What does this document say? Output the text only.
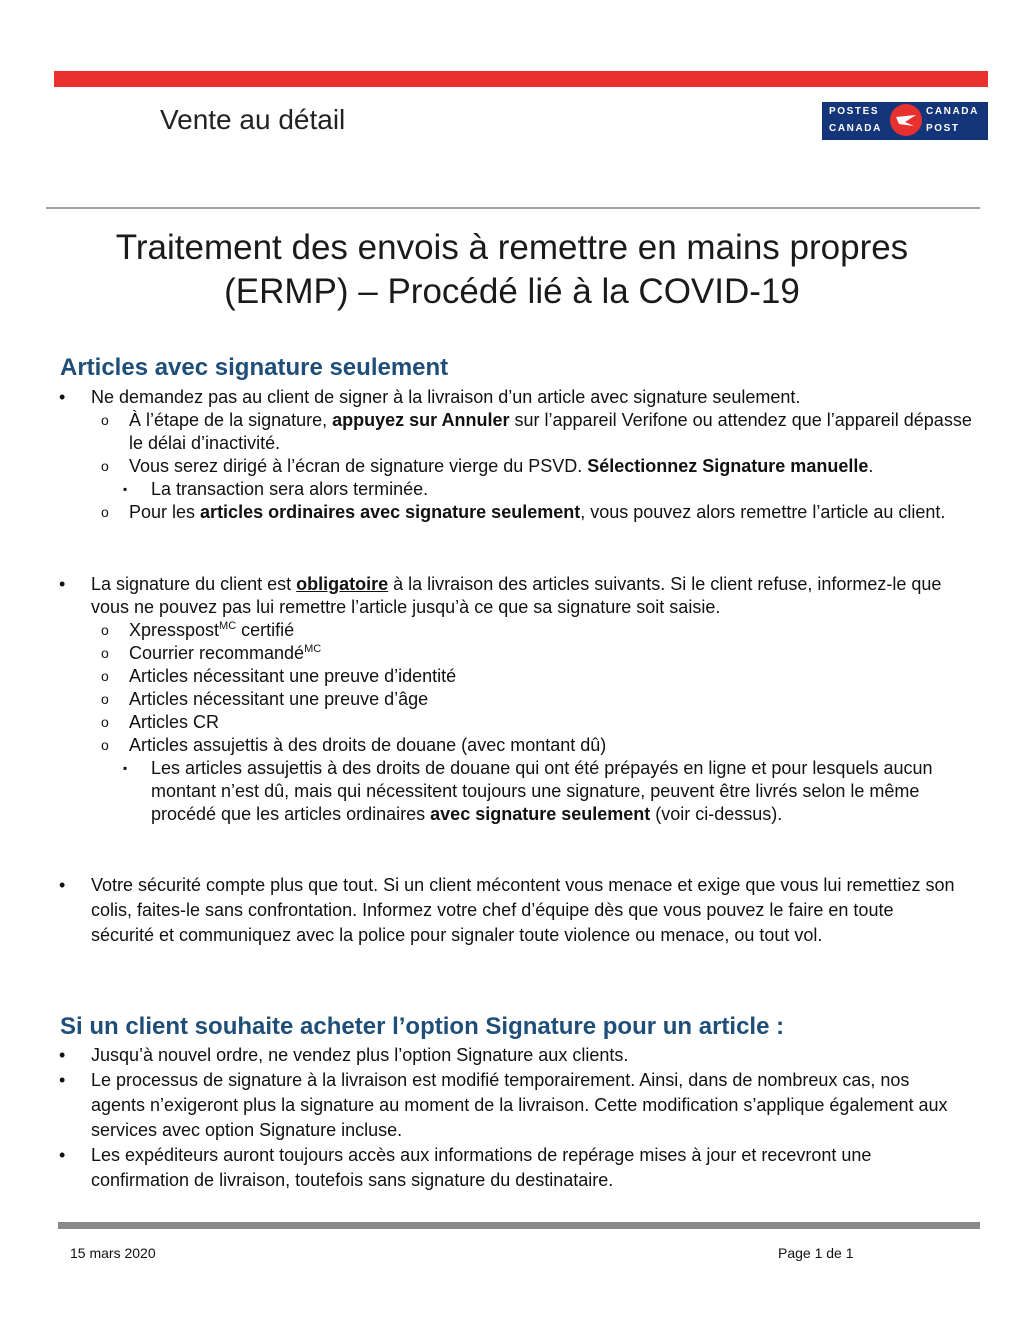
Vente au détail	POSTES	CANADA
CANADA	POST
Traitement des envois à remettre en mains propres
(ERMP) – Procédé lié à la COVID-19
Articles avec signature seulement
• Ne demandez pas au client de signer à la livraison d’un article avec signature seulement.
o À l’étape de la signature, appuyez sur Annuler sur l’appareil Verifone ou attendez que l’appareil dépasse le délai d’inactivité.
o Vous serez dirigé à l’écran de signature vierge du PSVD. Sélectionnez Signature manuelle.
▪ La transaction sera alors terminée.
o Pour les articles ordinaires avec signature seulement, vous pouvez alors remettre l’article au client.
• La signature du client est obligatoire à la livraison des articles suivants. Si le client refuse, informez-le que vous ne pouvez pas lui remettre l’article jusqu’à ce que sa signature soit saisie.
o Xpresspost$^{MC}$ certifié
o Courrier recommandé$^{MC}$
o Articles nécessitant une preuve d’identité
o Articles nécessitant une preuve d’âge
o Articles CR
o Articles assujettis à des droits de douane (avec montant dû)
▪ Les articles assujettis à des droits de douane qui ont été prépayés en ligne et pour lesquels aucun montant n’est dû, mais qui nécessitent toujours une signature, peuvent être livrés selon le même procédé que les articles ordinaires avec signature seulement (voir ci-dessus).
• Votre sécurité compte plus que tout. Si un client mécontent vous menace et exige que vous lui remettiez son colis, faites-le sans confrontation. Informez votre chef d’équipe dès que vous pouvez le faire en toute sécurité et communiquez avec la police pour signaler toute violence ou menace, ou tout vol.
Si un client souhaite acheter l’option Signature pour un article :
• Jusqu’à nouvel ordre, ne vendez plus l’option Signature aux clients.
• Le processus de signature à la livraison est modifié temporairement. Ainsi, dans de nombreux cas, nos agents n’exigeront plus la signature au moment de la livraison. Cette modification s’applique également aux services avec option Signature incluse.
• Les expéditeurs auront toujours accès aux informations de repérage mises à jour et recevront une confirmation de livraison, toutefois sans signature du destinataire.
15 mars 2020	Page 1 de 1
